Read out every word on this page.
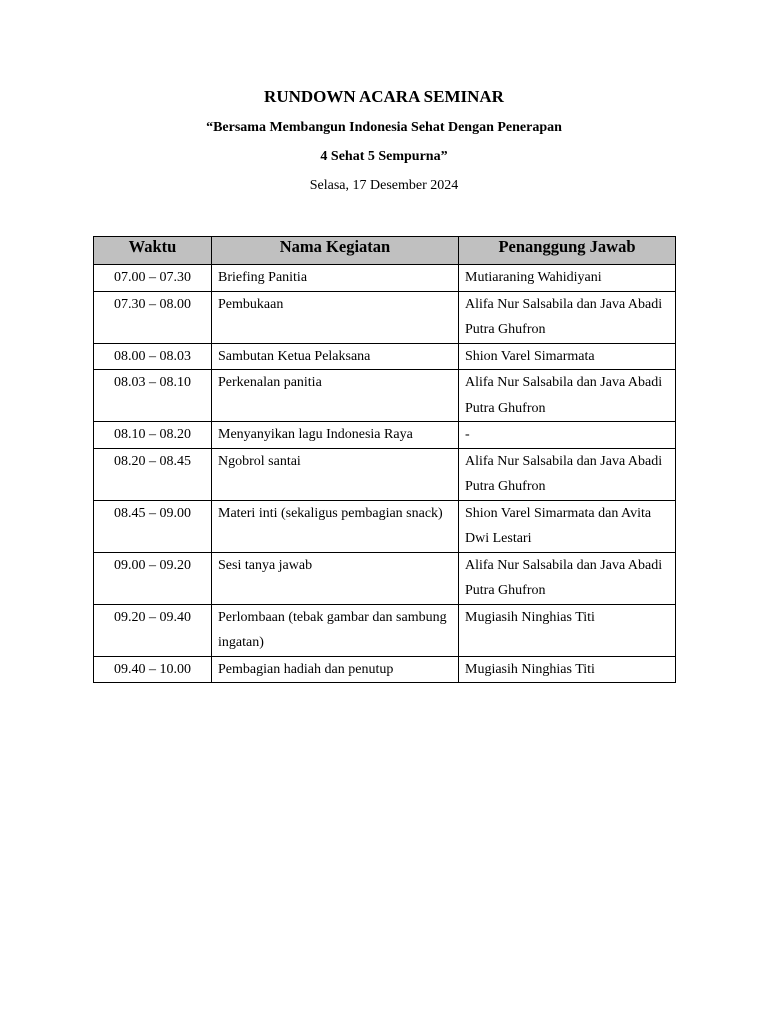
RUNDOWN ACARA SEMINAR
“Bersama Membangun Indonesia Sehat Dengan Penerapan
4 Sehat 5 Sempurna”
Selasa, 17 Desember 2024
Waktu	Nama Kegiatan	Penanggung Jawab
07.00 – 07.30	Briefing Panitia	Mutiaraning Wahidiyani
07.30 – 08.00	Pembukaan	Alifa Nur Salsabila dan Java Abadi Putra Ghufron
08.00 – 08.03	Sambutan Ketua Pelaksana	Shion Varel Simarmata
08.03 – 08.10	Perkenalan panitia	Alifa Nur Salsabila dan Java Abadi Putra Ghufron
08.10 – 08.20	Menyanyikan lagu Indonesia Raya	-
08.20 – 08.45	Ngobrol santai	Alifa Nur Salsabila dan Java Abadi Putra Ghufron
08.45 – 09.00	Materi inti (sekaligus pembagian snack)	Shion Varel Simarmata dan Avita Dwi Lestari
09.00 – 09.20	Sesi tanya jawab	Alifa Nur Salsabila dan Java Abadi Putra Ghufron
09.20 – 09.40	Perlombaan (tebak gambar dan sambung ingatan)	Mugiasih Ninghias Titi
09.40 – 10.00	Pembagian hadiah dan penutup	Mugiasih Ninghias Titi
